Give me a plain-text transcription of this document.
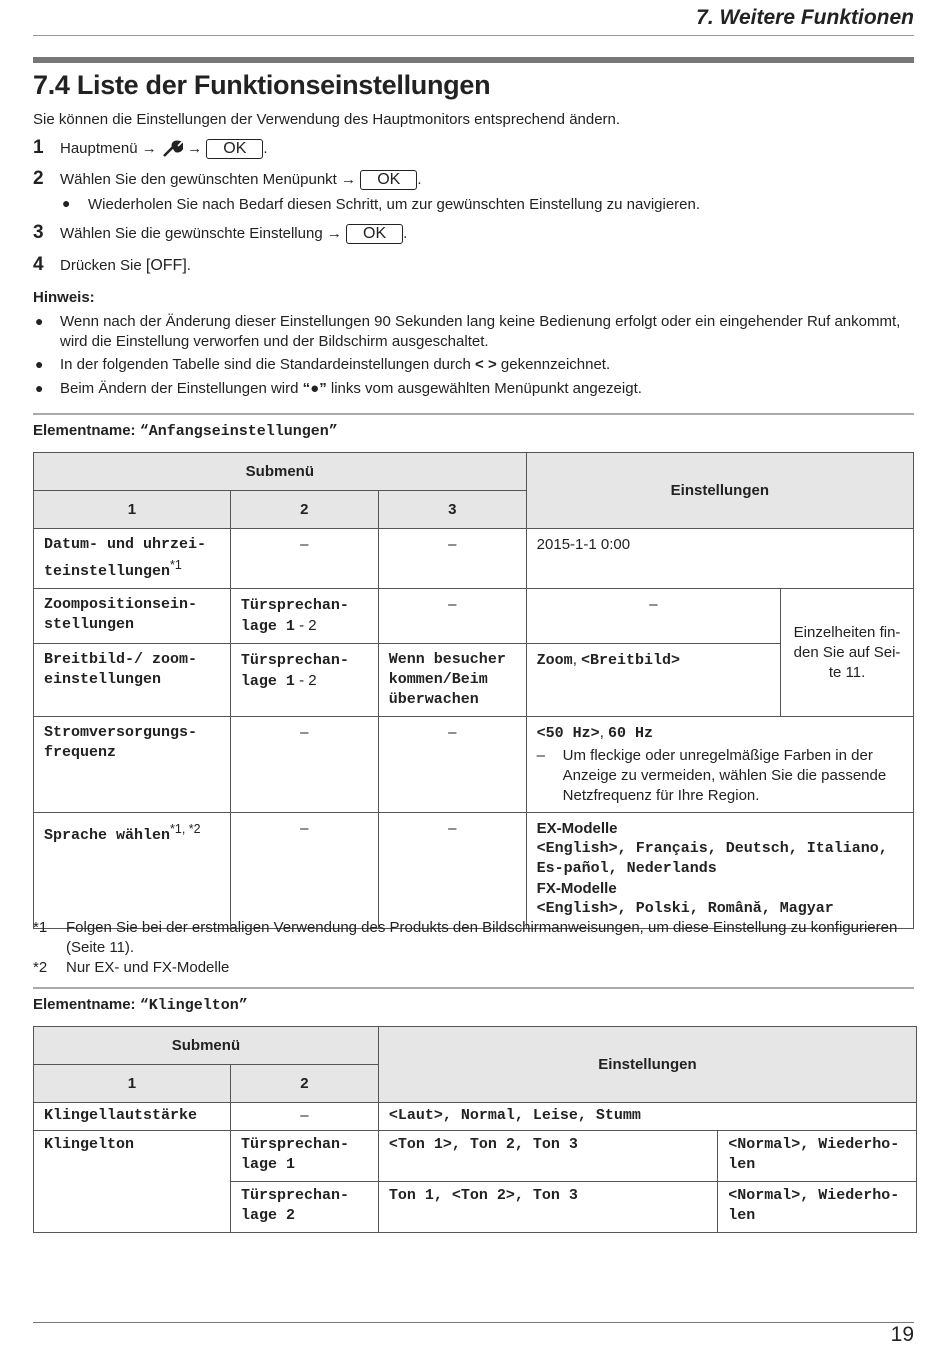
7. Weitere Funktionen
7.4 Liste der Funktionseinstellungen
Sie können die Einstellungen der Verwendung des Hauptmonitors entsprechend ändern.
1 Hauptmenü → → OK .
2 Wählen Sie den gewünschten Menüpunkt → OK .
● Wiederholen Sie nach Bedarf diesen Schritt, um zur gewünschten Einstellung zu navigieren.
3 Wählen Sie die gewünschte Einstellung → OK .
4 Drücken Sie [OFF].
Hinweis:
● Wenn nach der Änderung dieser Einstellungen 90 Sekunden lang keine Bedienung erfolgt oder ein eingehender Ruf ankommt, wird die Einstellung verworfen und der Bildschirm ausgeschaltet.
● In der folgenden Tabelle sind die Standardeinstellungen durch < > gekennzeichnet.
● Beim Ändern der Einstellungen wird “●” links vom ausgewählten Menüpunkt angezeigt.
Elementname: “Anfangseinstellungen”
Submenü			Einstellungen	
1	2	3		
Datum- und uhrzei-teinstellungen$^{*1}$	–	–	2015-1-1 0:00	
Zoompositionsein-stellungen	Türsprechan-lage 1 - 2	–	–	Einzelheiten fin-den Sie auf Sei-te 11.
Breitbild-/ zoom-einstellungen	Türsprechan-lage 1 - 2	Wenn besucher kommen/Beim überwachen	Zoom, <Breitbild>	
Stromversorgungs-frequenz	–	–	<50 Hz>, 60 Hz
– Um fleckige oder unregelmäßige Farben in der Anzeige zu vermeiden, wählen Sie die passende Netzfrequenz für Ihre Region.	

Sprache wählen$^{*1, *2}$	–	–	EX-Modelle
<English>, Français, Deutsch, Italiano, Es-pañol, Nederlands
FX-Modelle
<English>, Polski, Română, Magyar	
*1 Folgen Sie bei der erstmaligen Verwendung des Produkts den Bildschirmanweisungen, um diese Einstellung zu konfigurieren (Seite 11).
*2 Nur EX- und FX-Modelle
Elementname: “Klingelton”
Submenü		Einstellungen	
1	2		
Klingellautstärke	–	<Laut>, Normal, Leise, Stumm	
Klingelton	Türsprechan-lage 1	<Ton 1>, Ton 2, Ton 3	<Normal>, Wiederho-len
	Türsprechan-lage 2	Ton 1, <Ton 2>, Ton 3	<Normal>, Wiederho-len
19
